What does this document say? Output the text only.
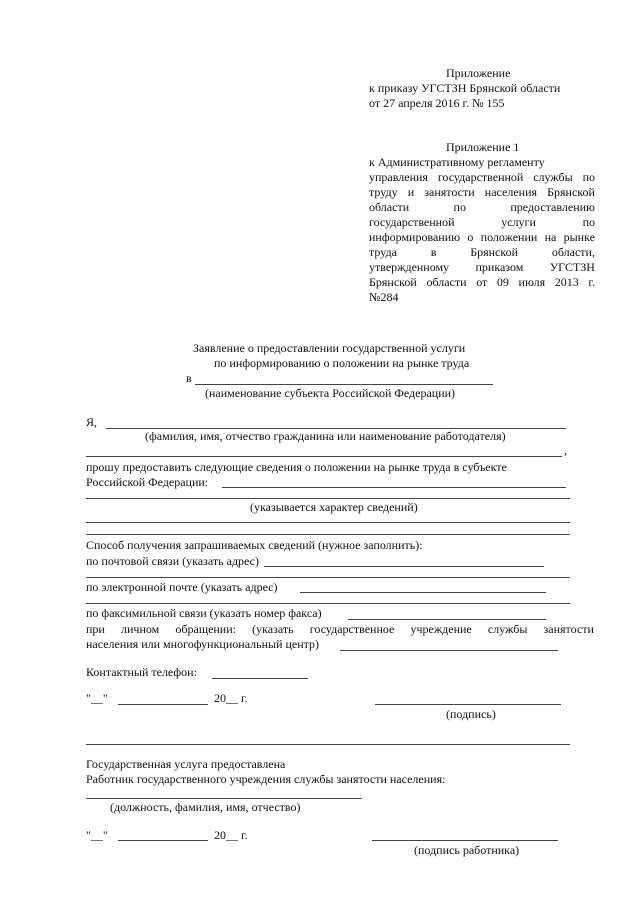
Приложение
к приказу УГСТЗН Брянской области
от 27 апреля 2016 г. № 155
Приложение 1
к Административному регламенту
управления государственной службы по
труду и занятости населения Брянской
области	по	предоставлению
государственной	услуги	по
информированию о положении на рынке
труда	в	Брянской	области,
утвержденному приказом УГСТЗН
Брянской области от 09 июля 2013 г.
№284
Заявление о предоставлении государственной услуги
по информированию о положении на рынке труда
в
(наименование субъекта Российской Федерации)
Я,
(фамилия, имя, отчество гражданина или наименование работодателя)
,
прошу предоставить следующие сведения о положении на рынке труда в субъекте
Российской Федерации:
(указывается характер сведений)
Способ получения запрашиваемых сведений (нужное заполнить):
по почтовой связи (указать адрес)
по электронной почте (указать адрес)
по факсимильной связи (указать номер факса)
при личном обращении: (указать государственное учреждение службы занятости
населения или многофункциональный центр)
Контактный телефон:
"__"	20__ г.
(подпись)
Государственная услуга предоставлена
Работник государственного учреждения службы занятости населения:
(должность, фамилия, имя, отчество)
"__"	20__ г.
(подпись работника)
